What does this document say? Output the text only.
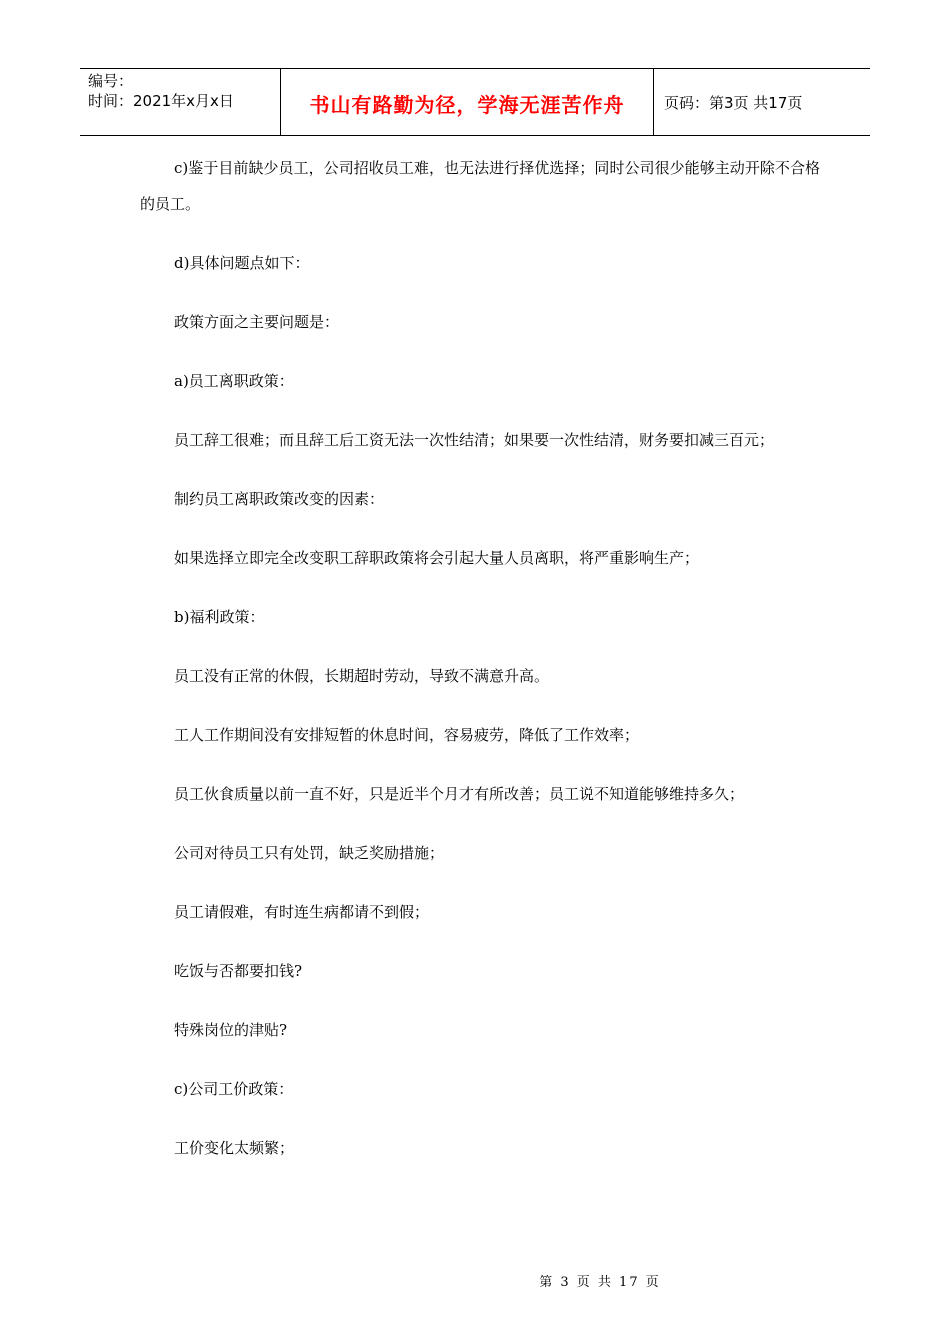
编号：
时间：2021年x月x日	书山有路勤为径，学海无涯苦作舟	页码：第3页 共17页

c)鉴于目前缺少员工，公司招收员工难，也无法进行择优选择；同时公司很少能够主动开除不合格的员工。

d)具体问题点如下：

政策方面之主要问题是：

a)员工离职政策：

员工辞工很难；而且辞工后工资无法一次性结清；如果要一次性结清，财务要扣减三百元；

制约员工离职政策改变的因素：

如果选择立即完全改变职工辞职政策将会引起大量人员离职，将严重影响生产；

b)福利政策：

员工没有正常的休假，长期超时劳动，导致不满意升高。

工人工作期间没有安排短暂的休息时间，容易疲劳，降低了工作效率；

员工伙食质量以前一直不好，只是近半个月才有所改善；员工说不知道能够维持多久；

公司对待员工只有处罚，缺乏奖励措施；

员工请假难，有时连生病都请不到假；

吃饭与否都要扣钱?

特殊岗位的津贴?

c)公司工价政策：

工价变化太频繁；

第 3 页 共 17 页
